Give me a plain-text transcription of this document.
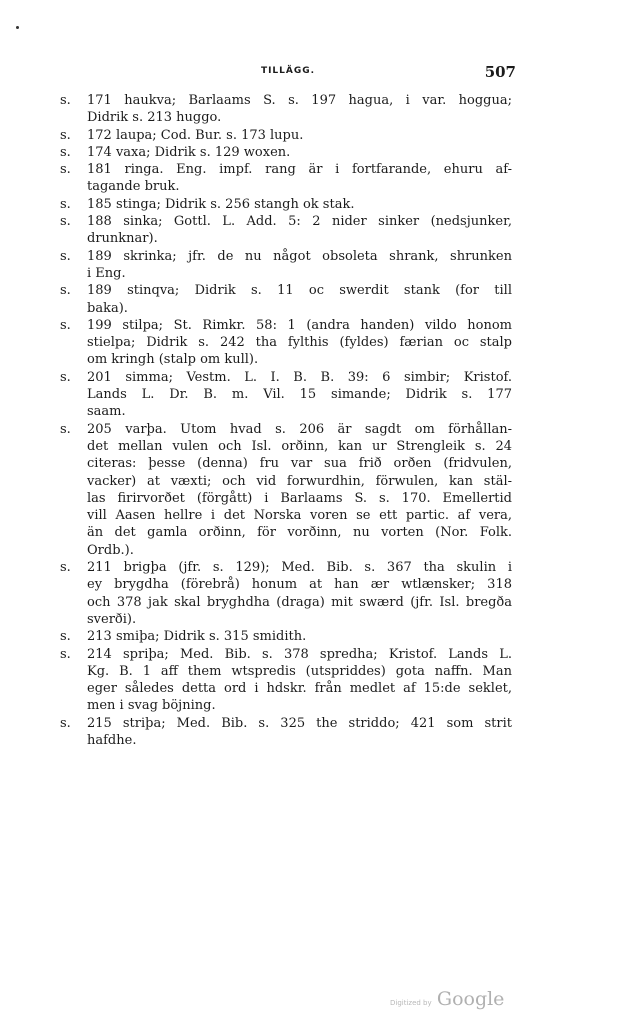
TILLÄGG.	507
s.	171 haukva; Barlaams S. s. 197 hagua, i var. hoggua;
Didrik s. 213 huggo.
s.	172 laupa; Cod. Bur. s. 173 lupu.
s.	174 vaxa; Didrik s. 129 woxen.
s.	181 ringa. Eng. impf. rang är i fortfarande, ehuru af-
tagande bruk.
s.	185 stinga; Didrik s. 256 stangh ok stak.
s.	188 sinka; Gottl. L. Add. 5: 2 nider sinker (nedsjunker,
drunknar).
s.	189 skrinka; jfr. de nu något obsoleta shrank, shrunken
i Eng.
s.	189 stinqva; Didrik s. 11 oc swerdit stank (for till
baka).
s.	199 stilpa; St. Rimkr. 58: 1 (andra handen) vildo honom
stielpa; Didrik s. 242 tha fylthis (fyldes) færian oc stalp
om kringh (stalp om kull).
s.	201 simma; Vestm. L. I. B. B. 39: 6 simbir; Kristof.
Lands L. Dr. B. m. Vil. 15 simande; Didrik s. 177
saam.
s.	205 varþa. Utom hvad s. 206 är sagdt om förhållan-
det mellan vulen och Isl. orðinn, kan ur Strengleik s. 24
citeras: þesse (denna) fru var sua frið orðen (fridvulen,
vacker) at væxti; och vid forwurdhin, förwulen, kan stäl-
las firirvorðet (förgått) i Barlaams S. s. 170. Emellertid
vill Aasen hellre i det Norska voren se ett partic. af vera,
än det gamla orðinn, för vorðinn, nu vorten (Nor. Folk.
Ordb.).
s.	211 brigþa (jfr. s. 129); Med. Bib. s. 367 tha skulin i
ey brygdha (förebrå) honum at han ær wtlænsker; 318
och 378 jak skal bryghdha (draga) mit swærd (jfr. Isl. bregða
sverði).
s.	213 smiþa; Didrik s. 315 smidith.
s.	214 spriþa; Med. Bib. s. 378 spredha; Kristof. Lands L.
Kg. B. 1 aff them wtspredis (utspriddes) gota naffn. Man
eger således detta ord i hdskr. från medlet af 15:de seklet,
men i svag böjning.
s.	215 striþa; Med. Bib. s. 325 the striddo; 421 som strit
hafdhe.
Digitized by Google
